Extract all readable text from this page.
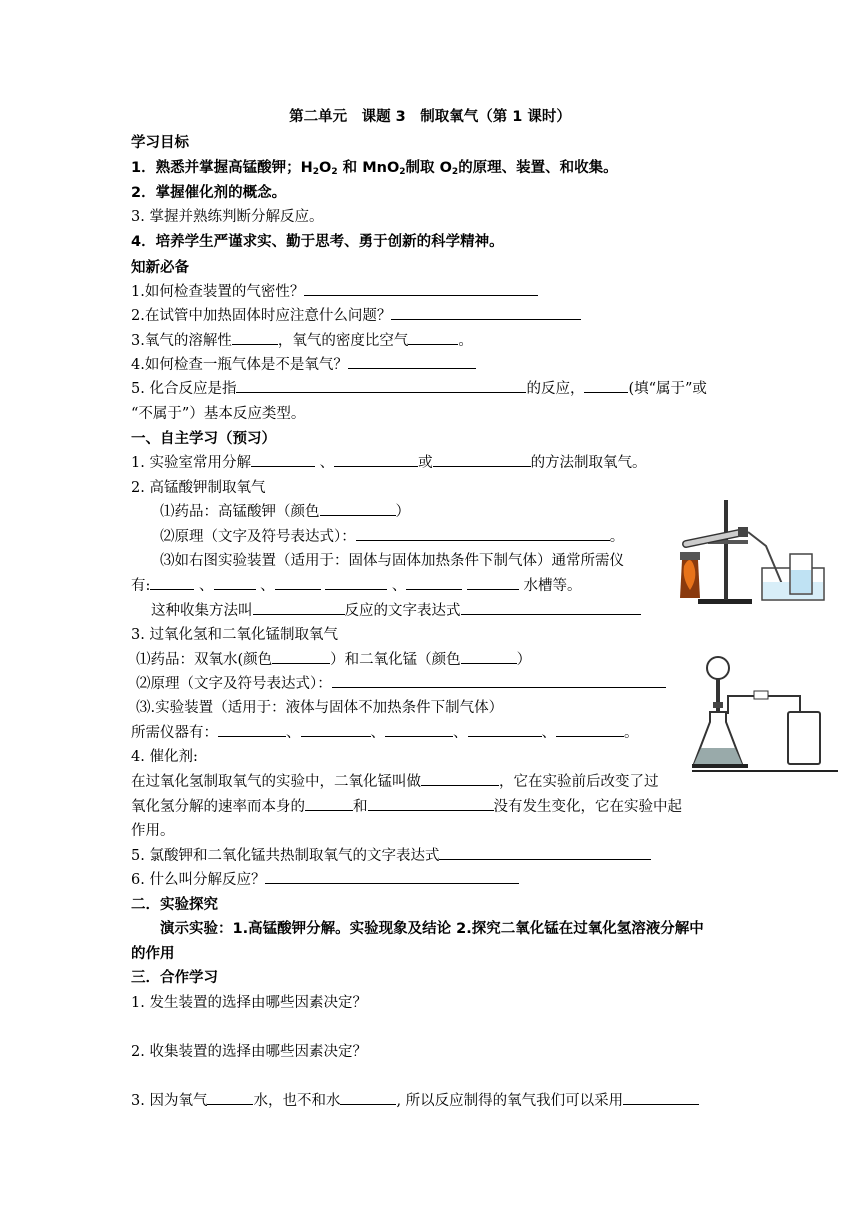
第二单元　课题 3　制取氧气（第 1 课时）
学习目标
1．熟悉并掌握高锰酸钾；$H_2O_2$ 和 MnO$_2$制取 $O_2$的原理、装置、和收集。
2．掌握催化剂的概念。
3. 掌握并熟练判断分解反应。
4．培养学生严谨求实、勤于思考、勇于创新的科学精神。
知新必备
1.如何检查装置的气密性？
2.在试管中加热固体时应注意什么问题？
3.氧气的溶解性	，氧气的密度比空气	。
4.如何检查一瓶气体是不是氧气？
5. 化合反应是指	的反应，	(填“属于”或
“不属于”）基本反应类型。
一、自主学习（预习）
1. 实验室常用分解	、	或	的方法制取氧气。
2. 高锰酸钾制取氧气
⑴药品：高锰酸钾（颜色	）
⑵原理（文字及符号表达式）：	。
⑶如右图实验装置（适用于：固体与固体加热条件下制气体）通常所需仪
有:	、	、	、	水槽等。
这种收集方法叫	反应的文字表达式
3. 过氧化氢和二氧化锰制取氧气
⑴药品：双氧水(颜色	）和二氧化锰（颜色	）
⑵原理（文字及符号表达式）：
⑶.实验装置（适用于：液体与固体不加热条件下制气体）
所需仪器有：	、	、	、	、	。
4. 催化剂:
在过氧化氢制取氧气的实验中，二氧化锰叫做	，它在实验前后改变了过
氧化氢分解的速率而本身的	和	没有发生变化，它在实验中起
作用。
5. 氯酸钾和二氧化锰共热制取氧气的文字表达式
6. 什么叫分解反应？
二．实验探究
演示实验：1.高锰酸钾分解。实验现象及结论 2.探究二氧化锰在过氧化氢溶液分解中
的作用
三．合作学习
1. 发生装置的选择由哪些因素决定？
2. 收集装置的选择由哪些因素决定？
3. 因为氧气	水，也不和水	, 所以反应制得的氧气我们可以采用
